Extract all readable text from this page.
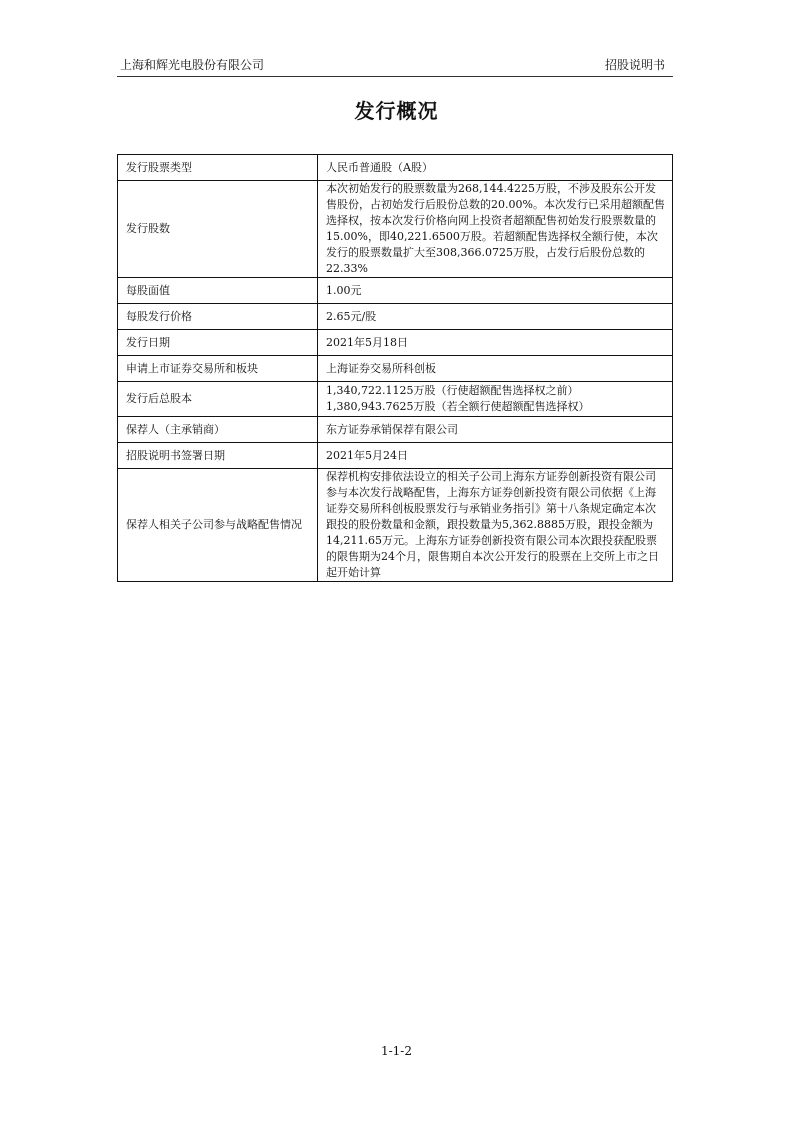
上海和辉光电股份有限公司	招股说明书
发行概况
发行股票类型	人民币普通股（A股）
发行股数	本次初始发行的股票数量为268,144.4225万股，不涉及股东公开发售股份，占初始发行后股份总数的20.00%。本次发行已采用超额配售选择权，按本次发行价格向网上投资者超额配售初始发行股票数量的15.00%，即40,221.6500万股。若超额配售选择权全额行使，本次发行的股票数量扩大至308,366.0725万股，占发行后股份总数的22.33%
每股面值	1.00元
每股发行价格	2.65元/股
发行日期	2021年5月18日
申请上市证券交易所和板块	上海证券交易所科创板
发行后总股本	1,340,722.1125万股（行使超额配售选择权之前）
1,380,943.7625万股（若全额行使超额配售选择权）

保荐人（主承销商）	东方证券承销保荐有限公司
招股说明书签署日期	2021年5月24日
保荐人相关子公司参与战略配售情况	保荐机构安排依法设立的相关子公司上海东方证券创新投资有限公司参与本次发行战略配售，上海东方证券创新投资有限公司依据《上海证券交易所科创板股票发行与承销业务指引》第十八条规定确定本次跟投的股份数量和金额，跟投数量为5,362.8885万股，跟投金额为14,211.65万元。上海东方证券创新投资有限公司本次跟投获配股票的限售期为24个月，限售期自本次公开发行的股票在上交所上市之日起开始计算
1-1-2
